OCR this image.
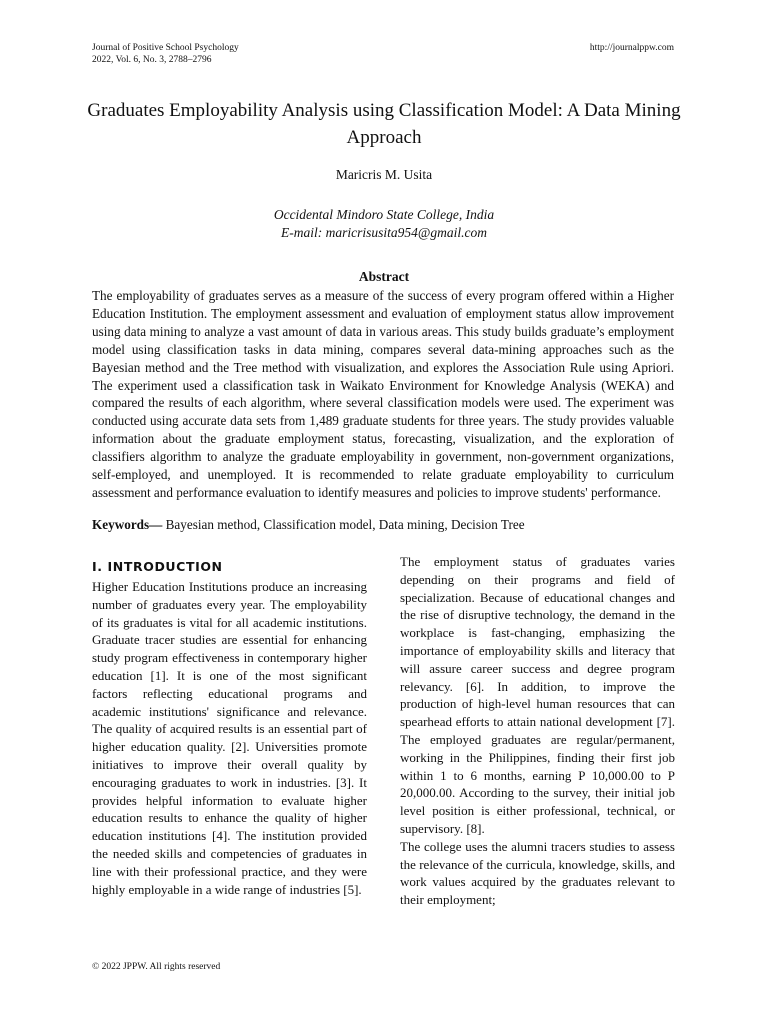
Journal of Positive School Psychology
2022, Vol. 6, No. 3, 2788–2796
http://journalppw.com
Graduates Employability Analysis using Classification Model: A Data Mining Approach
Maricris M. Usita
Occidental Mindoro State College, India
E-mail: maricrisusita954@gmail.com
Abstract
The employability of graduates serves as a measure of the success of every program offered within a Higher Education Institution. The employment assessment and evaluation of employment status allow improvement using data mining to analyze a vast amount of data in various areas. This study builds graduate’s employment model using classification tasks in data mining, compares several data-mining approaches such as the Bayesian method and the Tree method with visualization, and explores the Association Rule using Apriori. The experiment used a classification task in Waikato Environment for Knowledge Analysis (WEKA) and compared the results of each algorithm, where several classification models were used. The experiment was conducted using accurate data sets from 1,489 graduate students for three years. The study provides valuable information about the graduate employment status, forecasting, visualization, and the exploration of classifiers algorithm to analyze the graduate employability in government, non-government organizations, self-employed, and unemployed. It is recommended to relate graduate employability to curriculum assessment and performance evaluation to identify measures and policies to improve students' performance.
Keywords— Bayesian method, Classification model, Data mining, Decision Tree
I. INTRODUCTION
Higher Education Institutions produce an increasing number of graduates every year. The employability of its graduates is vital for all academic institutions. Graduate tracer studies are essential for enhancing study program effectiveness in contemporary higher education [1]. It is one of the most significant factors reflecting educational programs and academic institutions' significance and relevance. The quality of acquired results is an essential part of higher education quality. [2]. Universities promote initiatives to improve their overall quality by encouraging graduates to work in industries. [3]. It provides helpful information to evaluate higher education results to enhance the quality of higher education institutions [4]. The institution provided the needed skills and competencies of graduates in line with their professional practice, and they were highly employable in a wide range of industries [5].

The employment status of graduates varies depending on their programs and field of specialization. Because of educational changes and the rise of disruptive technology, the demand in the workplace is fast-changing, emphasizing the importance of employability skills and literacy that will assure career success and degree program relevancy. [6]. In addition, to improve the production of high-level human resources that can spearhead efforts to attain national development [7]. The employed graduates are regular/permanent, working in the Philippines, finding their first job within 1 to 6 months, earning P 10,000.00 to P 20,000.00. According to the survey, their initial job level position is either professional, technical, or supervisory. [8].

The college uses the alumni tracers studies to assess the relevance of the curricula, knowledge, skills, and work values acquired by the graduates relevant to their employment;

© 2022 JPPW. All rights reserved
